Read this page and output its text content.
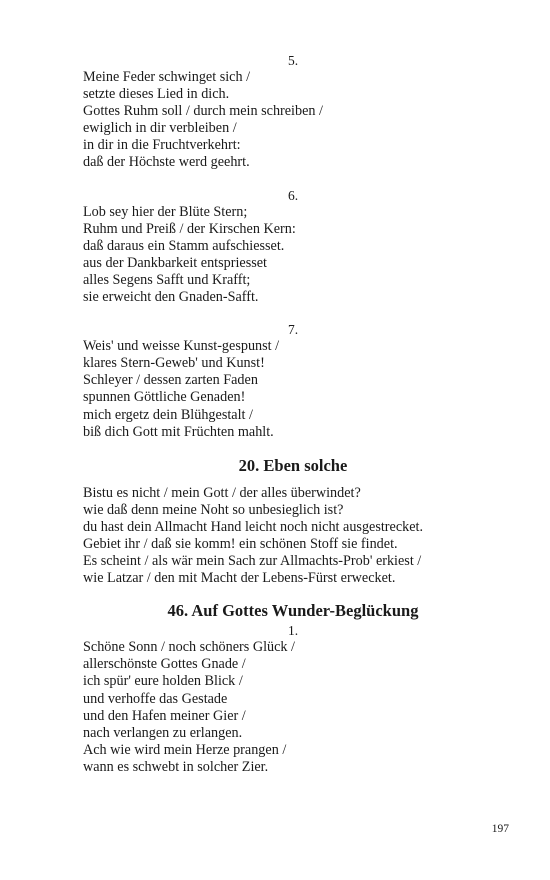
5.
Meine Feder schwinget sich /
setzte dieses Lied in dich.
Gottes Ruhm soll / durch mein schreiben /
ewiglich in dir verbleiben /
in dir in die Fruchtverkehrt:
daß der Höchste werd geehrt.
6.
Lob sey hier der Blüte Stern;
Ruhm und Preiß / der Kirschen Kern:
daß daraus ein Stamm aufschiesset.
aus der Dankbarkeit entspriesset
alles Segens Safft und Krafft;
sie erweicht den Gnaden-Safft.
7.
Weis' und weisse Kunst-gespunst /
klares Stern-Geweb' und Kunst!
Schleyer / dessen zarten Faden
spunnen Göttliche Genaden!
mich ergetz dein Blühgestalt /
biß dich Gott mit Früchten mahlt.
20. Eben solche
Bistu es nicht / mein Gott / der alles überwindet?
wie daß denn meine Noht so unbesieglich ist?
du hast dein Allmacht Hand leicht noch nicht ausgestrecket.
Gebiet ihr / daß sie komm! ein schönen Stoff sie findet.
Es scheint / als wär mein Sach zur Allmachts-Prob' erkiest /
wie Latzar / den mit Macht der Lebens-Fürst erwecket.
46. Auf Gottes Wunder-Beglückung
1.
Schöne Sonn / noch schöners Glück /
allerschönste Gottes Gnade /
ich spür' eure holden Blick /
und verhoffe das Gestade
und den Hafen meiner Gier /
nach verlangen zu erlangen.
Ach wie wird mein Herze prangen /
wann es schwebt in solcher Zier.
197
